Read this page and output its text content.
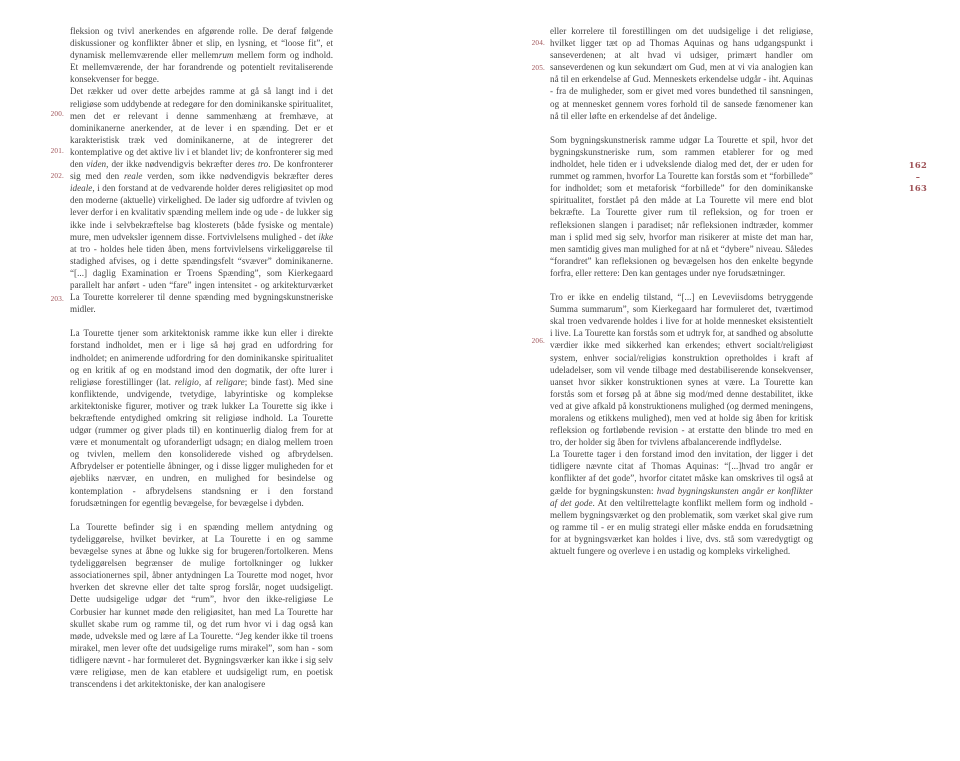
200.
201.
202.
203.

fleksion og tvivl anerkendes en afgørende rolle. De deraf følgende diskussioner og konflikter åbner et slip, en lysning, et “loose fit”, et dynamisk mellemværende eller mellemrum mellem form og indhold. Et mellemværende, der har forandrende og potentielt revitaliserende konsekvenser for begge.

Det rækker ud over dette arbejdes ramme at gå så langt ind i det religiøse som uddybende at redegøre for den dominikanske spiritualitet, men det er relevant i denne sammenhæng at fremhæve, at dominikanerne anerkender, at de lever i en spænding. Det er et karakteristisk træk ved dominikanerne, at de integrerer det kontemplative og det aktive liv i et blandet liv; de konfronterer sig med den viden, der ikke nødvendigvis bekræfter deres tro. De konfronterer sig med den reale verden, som ikke nødvendigvis bekræfter deres ideale, i den forstand at de vedvarende holder deres religiøsitet op mod den moderne (aktuelle) virkelighed. De lader sig udfordre af tvivlen og lever derfor i en kvalitativ spænding mellem inde og ude - de lukker sig ikke inde i selvbekræftelse bag klosterets (både fysiske og mentale) mure, men udveksler igennem disse. Fortvivlelsens mulighed - det ikke at tro - holdes hele tiden åben, mens fortvivlelsens virkeliggørelse til stadighed afvises, og i dette spændingsfelt “svæver” dominikanerne. “[...] daglig Examination er Troens Spænding”, som Kierkegaard parallelt har anført - uden “fare” ingen intensitet - og arkitekturværket La Tourette korrelerer til denne spænding med bygningskunstneriske midler.

La Tourette tjener som arkitektonisk ramme ikke kun eller i direkte forstand indholdet, men er i lige så høj grad en udfordring for indholdet; en animerende udfordring for den dominikanske spiritualitet og en kritik af og en modstand imod den dogmatik, der ofte lurer i religiøse forestillinger (lat. religio, af religare; binde fast). Med sine konfliktende, undvigende, tvetydige, labyrintiske og komplekse arkitektoniske figurer, motiver og træk lukker La Tourette sig ikke i bekræftende entydighed omkring sit religiøse indhold. La Tourette udgør (rummer og giver plads til) en kontinuerlig dialog frem for at være et monumentalt og uforanderligt udsagn; en dialog mellem troen og tvivlen, mellem den konsoliderede vished og afbrydelsen. Afbrydelser er potentielle åbninger, og i disse ligger muligheden for et øjebliks nærvær, en undren, en mulighed for besindelse og kontemplation - afbrydelsens standsning er i den forstand forudsætningen for egentlig bevægelse, for bevægelse i dybden.

La Tourette befinder sig i en spænding mellem antydning og tydeliggørelse, hvilket bevirker, at La Tourette i en og samme bevægelse synes at åbne og lukke sig for brugeren/fortolkeren. Mens tydeliggørelsen begrænser de mulige fortolkninger og lukker associationernes spil, åbner antydningen La Tourette mod noget, hvor hverken det skrevne eller det talte sprog forslår, noget uudsigeligt. Dette uudsigelige udgør det “rum”, hvor den ikke-religiøse Le Corbusier har kunnet møde den religiøsitet, han med La Tourette har skullet skabe rum og ramme til, og det rum hvor vi i dag også kan møde, udveksle med og lære af La Tourette. “Jeg kender ikke til troens mirakel, men lever ofte det uudsigelige rums mirakel”, som han - som tidligere nævnt - har formuleret det. Bygningsværker kan ikke i sig selv være religiøse, men de kan etablere et uudsigeligt rum, en poetisk transcendens i det arkitektoniske, der kan analogisere

204.
205.
206.

eller korrelere til forestillingen om det uudsigelige i det religiøse, hvilket ligger tæt op ad Thomas Aquinas og hans udgangspunkt i sanseverdenen; at alt hvad vi udsiger, primært handler om sanseverdenen og kun sekundært om Gud, men at vi via analogien kan nå til en erkendelse af Gud. Menneskets erkendelse udgår - iht. Aquinas - fra de muligheder, som er givet med vores bundethed til sansningen, og at mennesket gennem vores forhold til de sansede fænomener kan nå til eller løfte en erkendelse af det åndelige.

Som bygningskunstnerisk ramme udgør La Tourette et spil, hvor det bygningskunstneriske rum, som rammen etablerer for og med indholdet, hele tiden er i udvekslende dialog med det, der er uden for rummet og rammen, hvorfor La Tourette kan forstås som et “forbillede” for indholdet; som et metaforisk “forbillede” for den dominikanske spiritualitet, forstået på den måde at La Tourette vil mere end blot bekræfte. La Tourette giver rum til refleksion, og for troen er refleksionen slangen i paradiset; når refleksionen indtræder, kommer man i splid med sig selv, hvorfor man risikerer at miste det man har, men samtidig gives man mulighed for at nå et “dybere” niveau. Således “forandret” kan refleksionen og bevægelsen hos den enkelte begynde forfra, eller rettere: Den kan gentages under nye forudsætninger.

Tro er ikke en endelig tilstand, “[...] en Leveviisdoms betryggende Summa summarum”, som Kierkegaard har formuleret det, tværtimod skal troen vedvarende holdes i live for at holde mennesket eksistentielt i live. La Tourette kan forstås som et udtryk for, at sandhed og absolutte værdier ikke med sikkerhed kan erkendes; ethvert socialt/religiøst system, enhver social/religiøs konstruktion opretholdes i kraft af udeladelser, som vil vende tilbage med destabiliserende konsekvenser, uanset hvor sikker konstruktionen synes at være. La Tourette kan forstås som et forsøg på at åbne sig mod/med denne destabilitet, ikke ved at give afkald på konstruktionens mulighed (og dermed meningens, moralens og etikkens mulighed), men ved at holde sig åben for kritisk refleksion og fortløbende revision - at erstatte den blinde tro med en tro, der holder sig åben for tvivlens afbalancerende indflydelse.

La Tourette tager i den forstand imod den invitation, der ligger i det tidligere nævnte citat af Thomas Aquinas: “[...]hvad tro angår er konflikter af det gode”, hvorfor citatet måske kan omskrives til også at gælde for bygningskunsten: hvad bygningskunsten angår er konflikter af det gode. At den veltilrettelagte konflikt mellem form og indhold - mellem bygningsværket og den problematik, som værket skal give rum og ramme til - er en mulig strategi eller måske endda en forudsætning for at bygningsværket kan holdes i live, dvs. stå som væredygtigt og aktuelt fungere og overleve i en ustadig og kompleks virkelighed.

162
–
163
